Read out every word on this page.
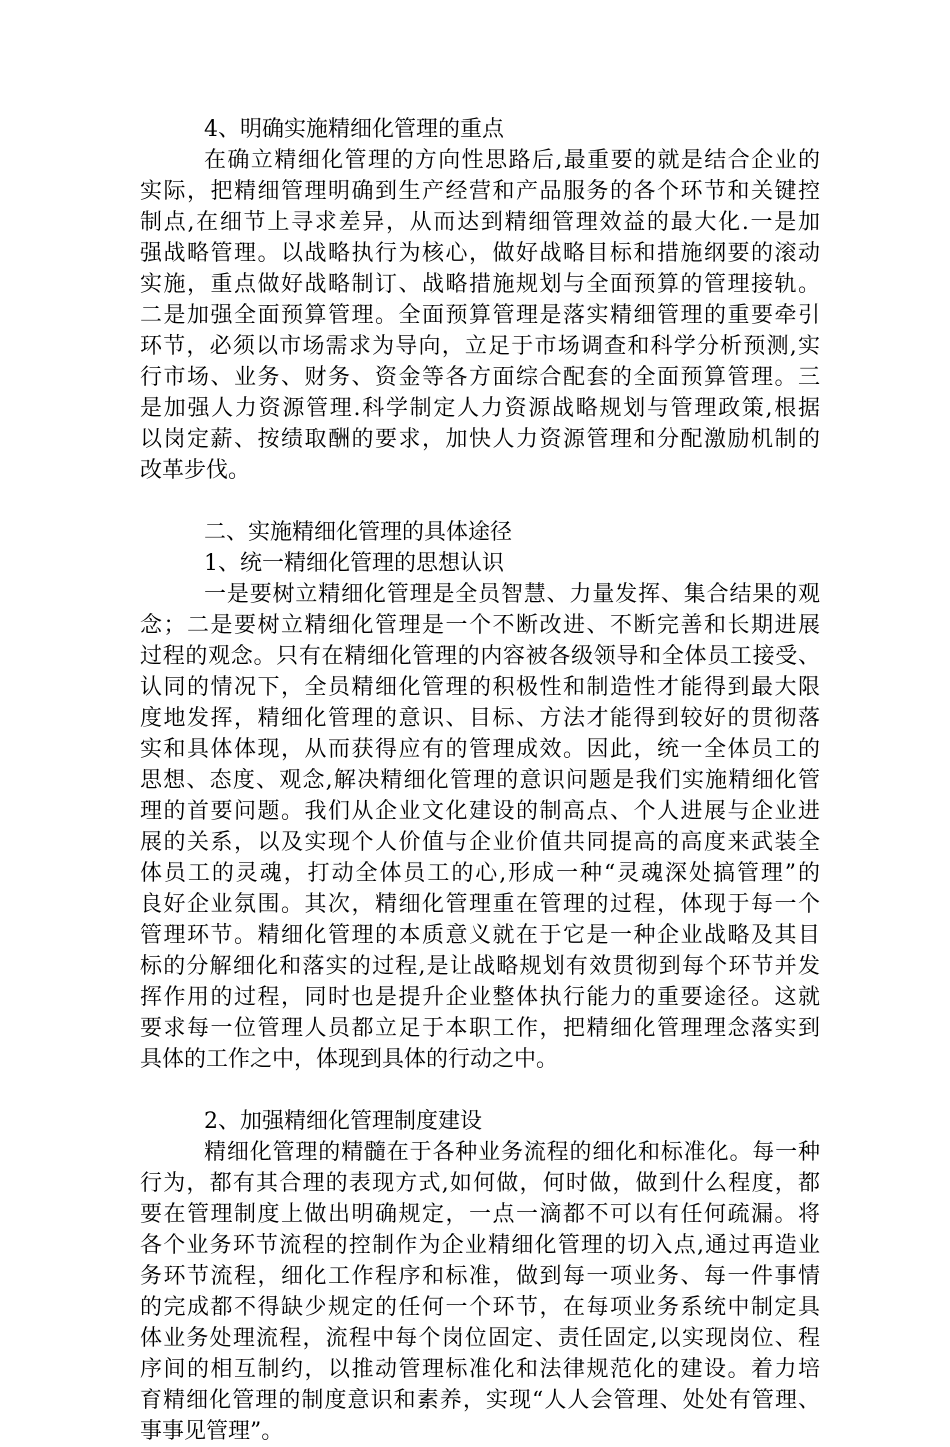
4、明确实施精细化管理的重点
在确立精细化管理的方向性思路后,最重要的就是结合企业的
实际，把精细管理明确到生产经营和产品服务的各个环节和关键控
制点,在细节上寻求差异，从而达到精细管理效益的最大化.一是加
强战略管理。以战略执行为核心，做好战略目标和措施纲要的滚动
实施，重点做好战略制订、战略措施规划与全面预算的管理接轨。
二是加强全面预算管理。全面预算管理是落实精细管理的重要牵引
环节，必须以市场需求为导向，立足于市场调查和科学分析预测,实
行市场、业务、财务、资金等各方面综合配套的全面预算管理。三
是加强人力资源管理.科学制定人力资源战略规划与管理政策,根据
以岗定薪、按绩取酬的要求，加快人力资源管理和分配激励机制的
改革步伐。
二、实施精细化管理的具体途径
1、统一精细化管理的思想认识
一是要树立精细化管理是全员智慧、力量发挥、集合结果的观
念；二是要树立精细化管理是一个不断改进、不断完善和长期进展
过程的观念。只有在精细化管理的内容被各级领导和全体员工接受、
认同的情况下，全员精细化管理的积极性和制造性才能得到最大限
度地发挥，精细化管理的意识、目标、方法才能得到较好的贯彻落
实和具体体现，从而获得应有的管理成效。因此，统一全体员工的
思想、态度、观念,解决精细化管理的意识问题是我们实施精细化管
理的首要问题。我们从企业文化建设的制高点、个人进展与企业进
展的关系，以及实现个人价值与企业价值共同提高的高度来武装全
体员工的灵魂，打动全体员工的心,形成一种“灵魂深处搞管理”的
良好企业氛围。其次，精细化管理重在管理的过程，体现于每一个
管理环节。精细化管理的本质意义就在于它是一种企业战略及其目
标的分解细化和落实的过程,是让战略规划有效贯彻到每个环节并发
挥作用的过程，同时也是提升企业整体执行能力的重要途径。这就
要求每一位管理人员都立足于本职工作，把精细化管理理念落实到
具体的工作之中，体现到具体的行动之中。
2、加强精细化管理制度建设
精细化管理的精髓在于各种业务流程的细化和标准化。每一种
行为，都有其合理的表现方式,如何做，何时做，做到什么程度，都
要在管理制度上做出明确规定，一点一滴都不可以有任何疏漏。将
各个业务环节流程的控制作为企业精细化管理的切入点,通过再造业
务环节流程，细化工作程序和标准，做到每一项业务、每一件事情
的完成都不得缺少规定的任何一个环节，在每项业务系统中制定具
体业务处理流程，流程中每个岗位固定、责任固定,以实现岗位、程
序间的相互制约，以推动管理标准化和法律规范化的建设。着力培
育精细化管理的制度意识和素养，实现“人人会管理、处处有管理、
事事见管理”。
